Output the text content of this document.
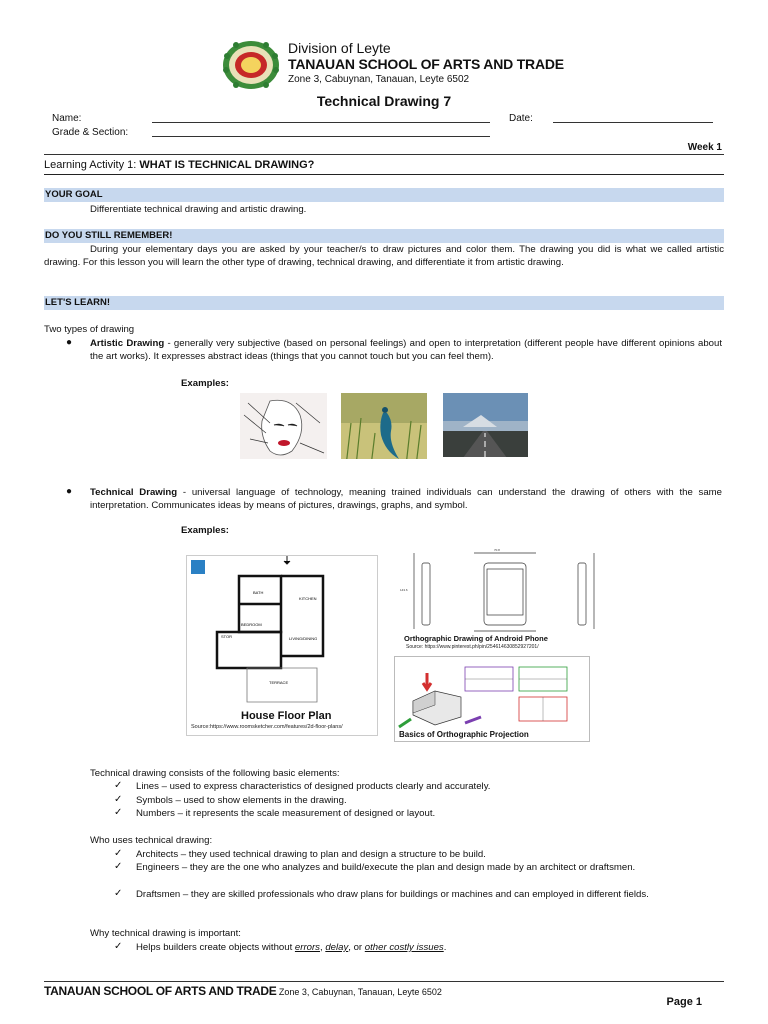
Division of Leyte
TANAUAN SCHOOL OF ARTS AND TRADE
Zone 3, Cabuynan, Tanauan, Leyte 6502
Technical Drawing 7
Name:	Date:
Grade & Section:
Week 1
Learning Activity 1: WHAT IS TECHNICAL DRAWING?
YOUR GOAL
Differentiate technical drawing and artistic drawing.
DO YOU STILL REMEMBER!
During your elementary days you are asked by your teacher/s to draw pictures and color them. The drawing you did is what we called artistic drawing. For this lesson you will learn the other type of drawing, technical drawing, and differentiate it from artistic drawing.
LET'S LEARN!
Two types of drawing
● Artistic Drawing - generally very subjective (based on personal feelings) and open to interpretation (different people have different opinions about the art works). It expresses abstract ideas (things that you cannot touch but you can feel them).
Examples:
● Technical Drawing - universal language of technology, meaning trained individuals can understand the drawing of others with the same interpretation. Communicates ideas by means of pictures, drawings, graphs, and symbol.
Examples:
BATH
KITCHEN
BEDROOM
LIVING/DINING
STOR
TERRACE
House Floor Plan
Source:https://www.roomsketcher.com/features/2d-floor-plans/
70.8
143.6
Orthographic Drawing of Android Phone
Source: https://www.pinterest.ph/pin/254614630852927201/
Basics of Orthographic Projection
Technical drawing consists of the following basic elements:
✓ Lines – used to express characteristics of designed products clearly and accurately.
✓ Symbols – used to show elements in the drawing.
✓ Numbers – it represents the scale measurement of designed or layout.
Who uses technical drawing:
✓ Architects – they used technical drawing to plan and design a structure to be build.
✓ Engineers – they are the one who analyzes and build/execute the plan and design made by an architect or draftsmen.
✓ Draftsmen – they are skilled professionals who draw plans for buildings or machines and can employed in different fields.
Why technical drawing is important:
✓ Helps builders create objects without errors, delay, or other costly issues.
TANAUAN SCHOOL OF ARTS AND TRADE Zone 3, Cabuynan, Tanauan, Leyte 6502
Page 1
